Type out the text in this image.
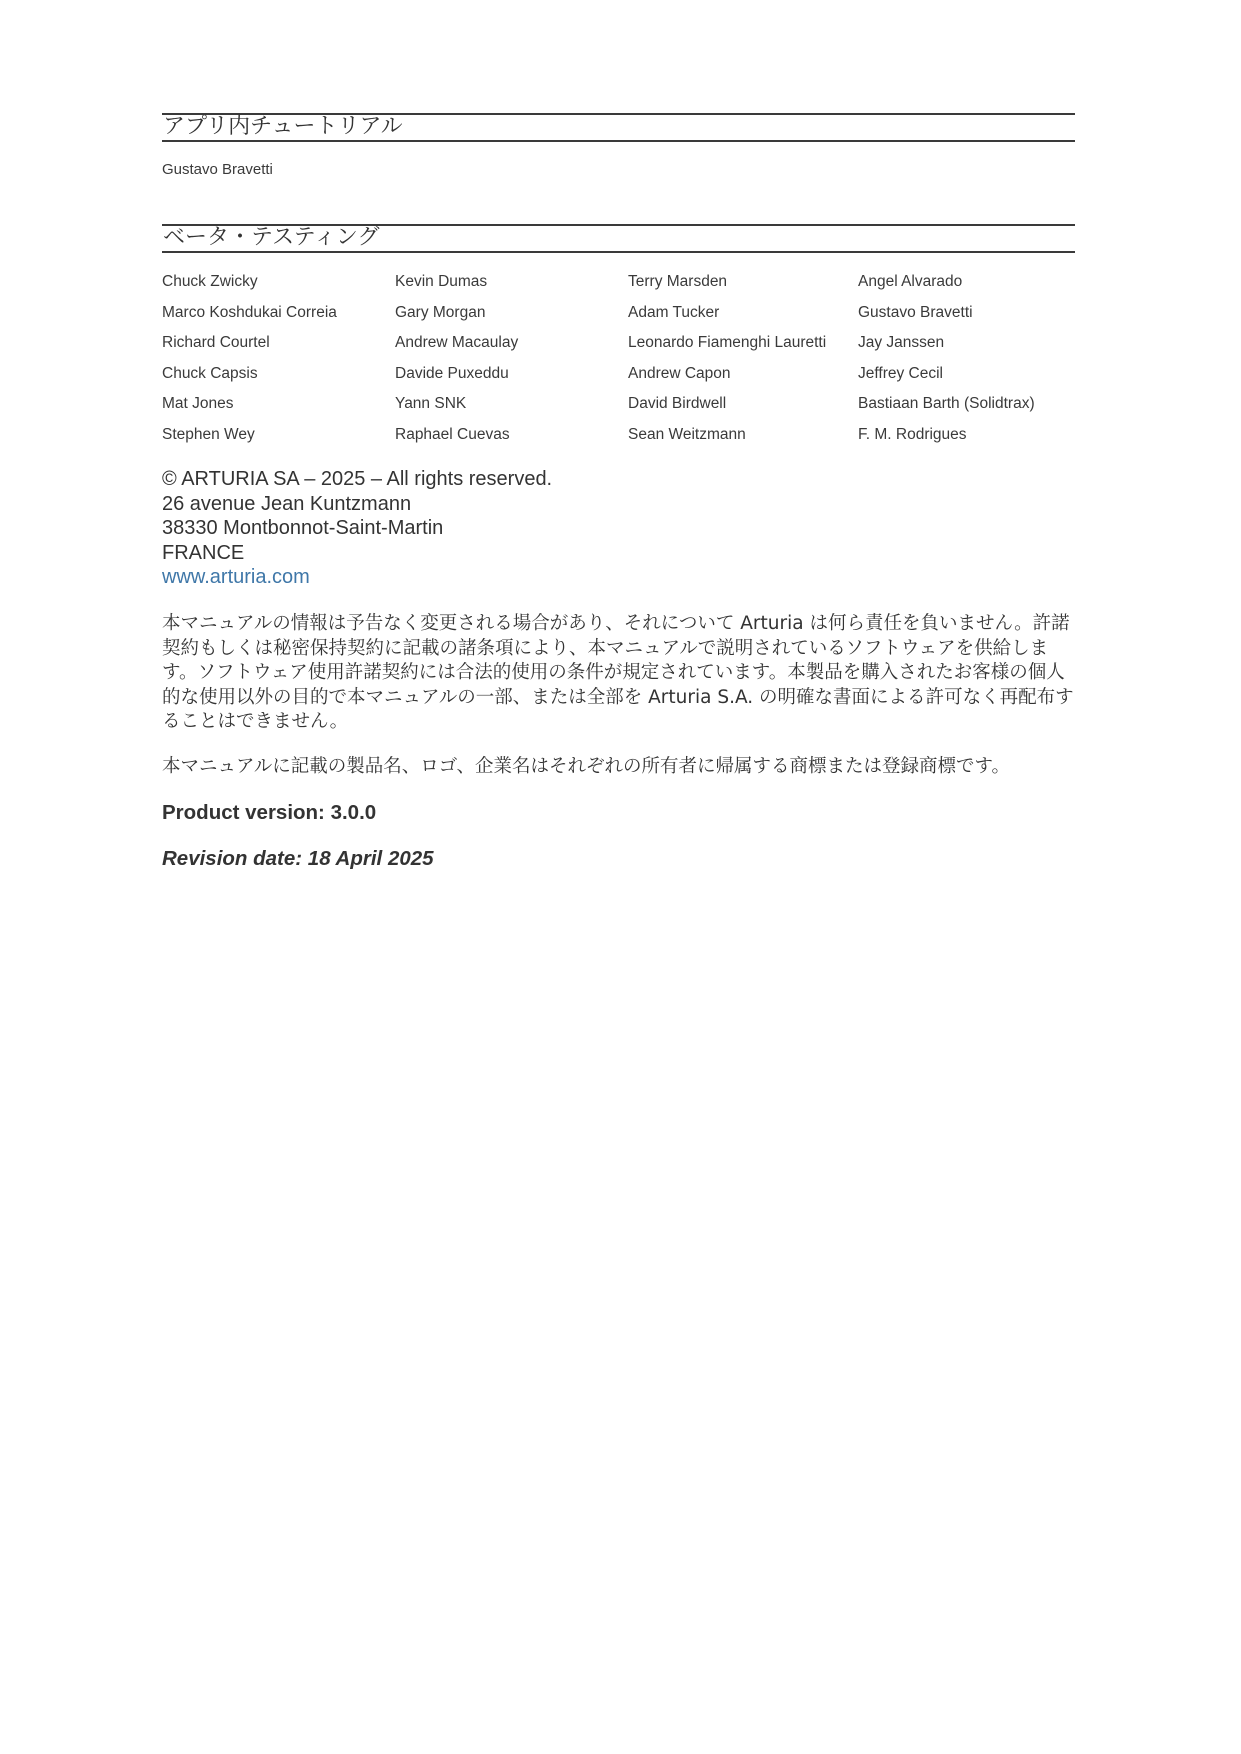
アプリ内チュートリアル
Gustavo Bravetti
ベータ・テスティング
Chuck Zwicky	Kevin Dumas	Terry Marsden	Angel Alvarado
Marco Koshdukai Correia	Gary Morgan	Adam Tucker	Gustavo Bravetti
Richard Courtel	Andrew Macaulay	Leonardo Fiamenghi Lauretti	Jay Janssen
Chuck Capsis	Davide Puxeddu	Andrew Capon	Jeffrey Cecil
Mat Jones	Yann SNK	David Birdwell	Bastiaan Barth (Solidtrax)
Stephen Wey	Raphael Cuevas	Sean Weitzmann	F. M. Rodrigues
© ARTURIA SA – 2025 – All rights reserved.
26 avenue Jean Kuntzmann
38330 Montbonnot-Saint-Martin
FRANCE
www.arturia.com

本マニュアルの情報は予告なく変更される場合があり、それについて Arturia は何ら責任を負いません。許諾契約もしくは秘密保持契約に記載の諸条項により、本マニュアルで説明されているソフトウェアを供給します。ソフトウェア使用許諾契約には合法的使用の条件が規定されています。本製品を購入されたお客様の個人的な使用以外の目的で本マニュアルの一部、または全部を Arturia S.A. の明確な書面による許可なく再配布することはできません。

本マニュアルに記載の製品名、ロゴ、企業名はそれぞれの所有者に帰属する商標または登録商標です。

Product version: 3.0.0
Revision date: 18 April 2025
